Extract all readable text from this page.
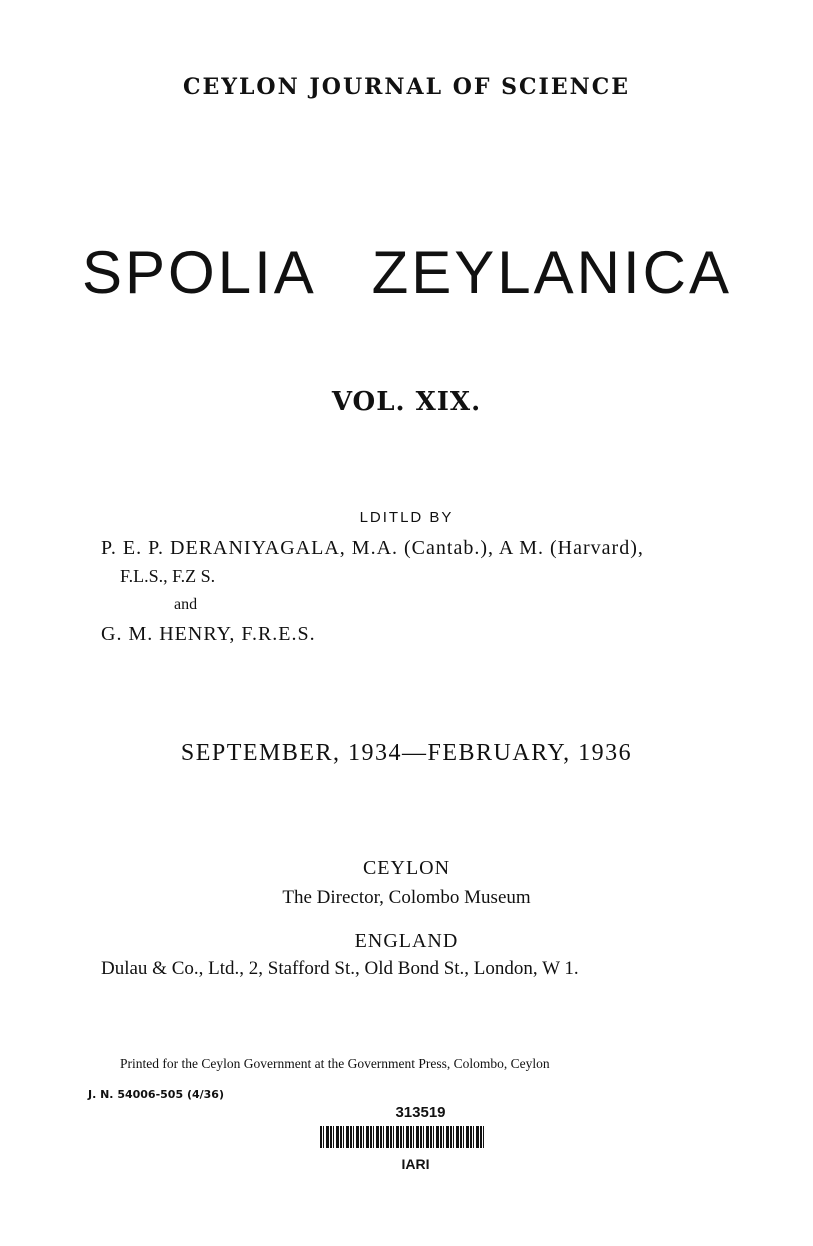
CEYLON JOURNAL OF SCIENCE
SPOLIA ZEYLANICA
VOL. XIX.
LDITLD BY
P. E. P. DERANIYAGALA, M.A. (Cantab.), A M. (Harvard),
F.L.S., F.Z S.
and
G. M. HENRY, F.R.E.S.
SEPTEMBER, 1934—FEBRUARY, 1936
CEYLON
The Director, Colombo Museum
ENGLAND
Dulau & Co., Ltd., 2, Stafford St., Old Bond St., London, W 1.
Printed for the Ceylon Government at the Government Press, Colombo, Ceylon
J. N. 54006-505 (4/36)
313519
IARI
